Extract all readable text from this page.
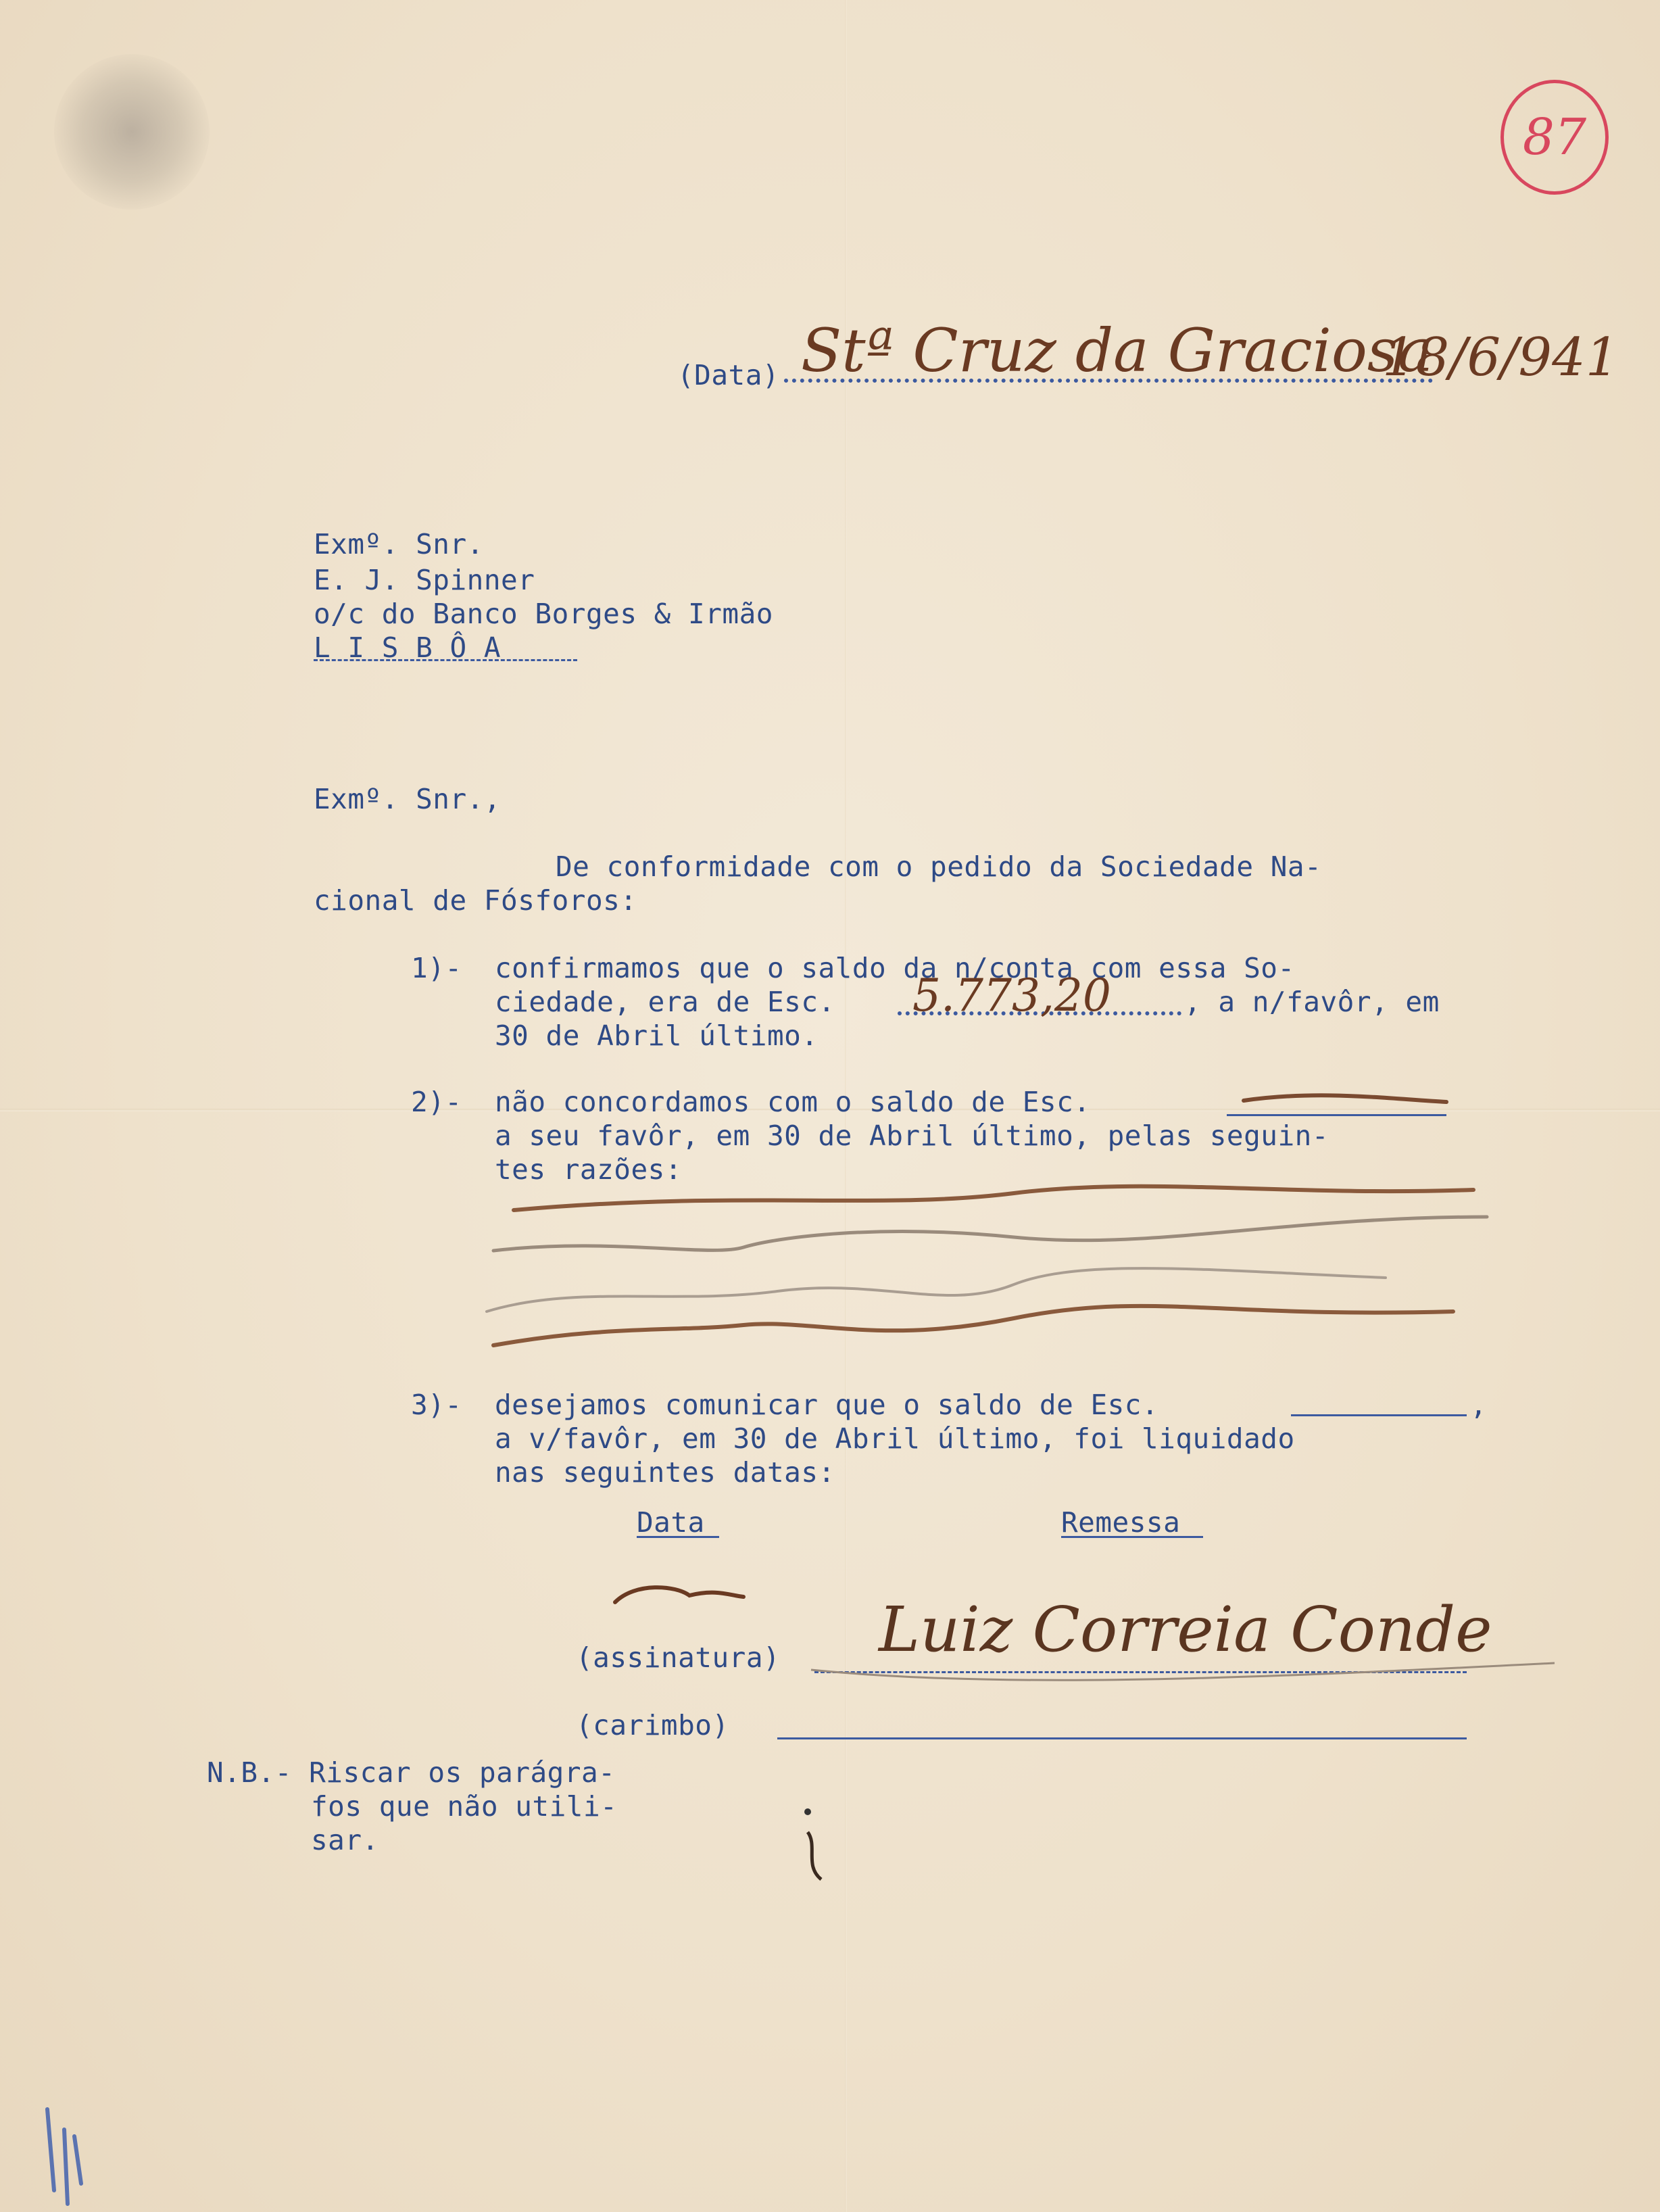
87
(Data) Stª Cruz da Graciosa
18/6/941
Exmº. Snr.
E. J. Spinner
o/c do Banco Borges & Irmão
L I S B Ô A
Exmº. Snr.,
De conformidade com o pedido da Sociedade Na-
cional de Fósforos:
1)- confirmamos que o saldo da n/conta com essa So-
ciedade, era de Esc. 5.773,20	, a n/favôr, em
30 de Abril último.
2)- não concordamos com o saldo de Esc.
a seu favôr, em 30 de Abril último, pelas seguin-
tes razões:
3)- desejamos comunicar que o saldo de Esc.	,
a v/favôr, em 30 de Abril último, foi liquidado
nas seguintes datas:
Data	Remessa
(assinatura) Luiz Correia Conde
(carimbo)
N.B.- Riscar os parágra-
fos que não utili-
sar.
